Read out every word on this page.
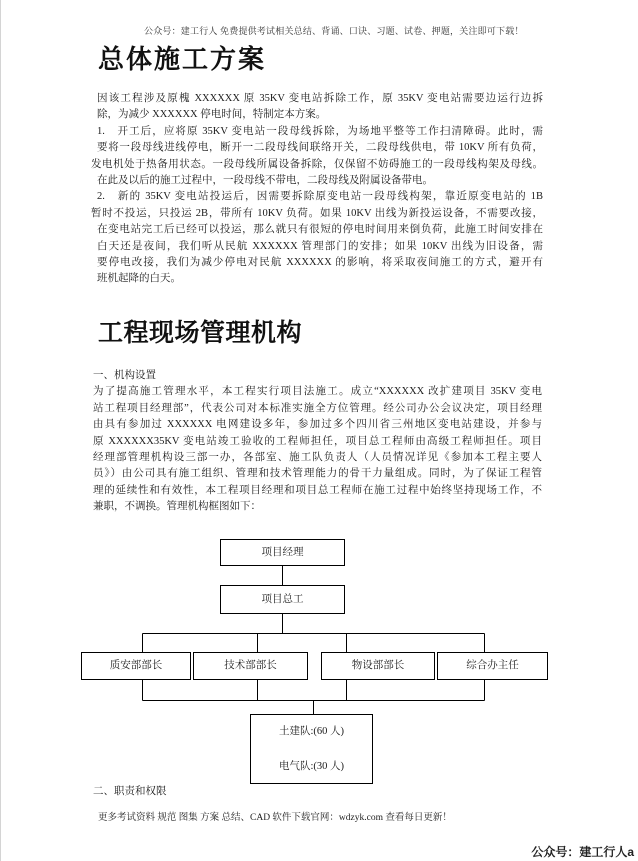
公众号：建工行人 免费提供考试相关总结、背诵、口诀、习题、试卷、押题，关注即可下载！
总体施工方案
因该工程涉及原槐 XXXXXX 原 35KV 变电站拆除工作，原 35KV 变电站需要边运行边拆
除，为减少 XXXXXX 停电时间，特制定本方案。
1.　开工后，应将原 35KV 变电站一段母线拆除，为场地平整等工作扫清障碍。此时，需
要将一段母线进线停电，断开一二段母线间联络开关，二段母线供电，带 10KV 所有负荷，
发电机处于热备用状态。一段母线所属设备拆除，仅保留不妨碍施工的一段母线构架及母线。
在此及以后的施工过程中，一段母线不带电，二段母线及附属设备带电。
2.　新的 35KV 变电站投运后，因需要拆除原变电站一段母线构架，靠近原变电站的 1B
暂时不投运，只投运 2B，带所有 10KV 负荷。如果 10KV 出线为新投运设备，不需要改接，
在变电站完工后已经可以投运，那么就只有很短的停电时间用来倒负荷，此施工时间安排在
白天还是夜间，我们听从民航 XXXXXX 管理部门的安排；如果 10KV 出线为旧设备，需
要停电改接，我们为减少停电对民航 XXXXXX 的影响，将采取夜间施工的方式，避开有
班机起降的白天。
工程现场管理机构
一、机构设置
为了提高施工管理水平，本工程实行项目法施工。成立“XXXXXX 改扩建项目 35KV 变电
站工程项目经理部”，代表公司对本标准实施全方位管理。经公司办公会议决定，项目经理
由具有参加过 XXXXXX 电网建设多年，参加过多个四川省三州地区变电站建设，并参与
原 XXXXXX35KV 变电站竣工验收的工程师担任，项目总工程师由高级工程师担任。项目
经理部管理机构设三部一办，各部室、施工队负责人（人员情况详见《参加本工程主要人
员》）由公司具有施工组织、管理和技术管理能力的骨干力量组成。同时，为了保证工程管
理的延续性和有效性，本工程项目经理和项目总工程师在施工过程中始终坚持现场工作，不
兼职，不调换。管理机构框图如下：
项目经理
项目总工
质安部部长	技术部部长	物设部部长	综合办主任
土建队:(60 人)
电气队:(30 人)
二、职责和权限
更多考试资料 规范 图集 方案 总结、CAD 软件下载官网：wdzyk.com 查看每日更新！
公众号：建工行人a
